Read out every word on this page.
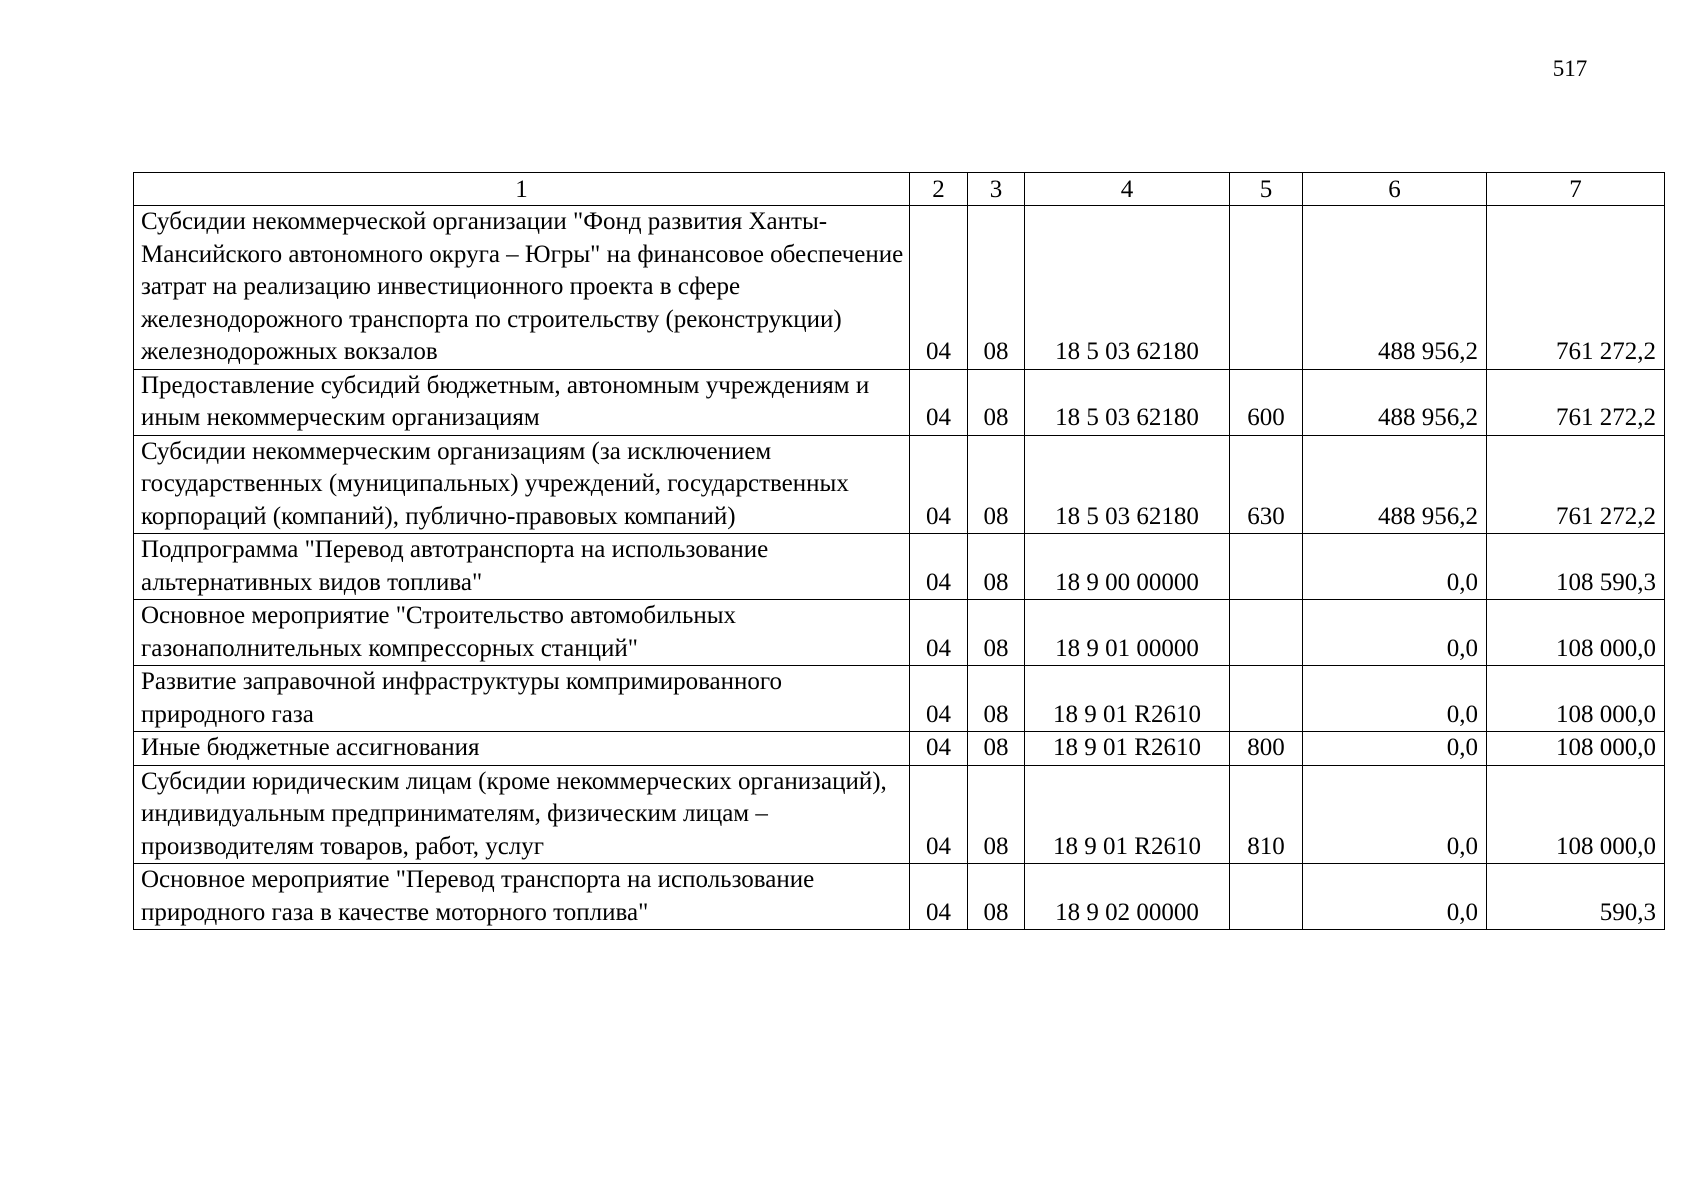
517
1	2	3	4	5	6	7
Субсидии некоммерческой организации "Фонд развития Ханты-Мансийского автономного округа – Югры" на финансовое обеспечение затрат на реализацию инвестиционного проекта в сфере железнодорожного транспорта по строительству (реконструкции) железнодорожных вокзалов	04	08	18 5 03 62180		488 956,2	761 272,2
Предоставление субсидий бюджетным, автономным учреждениям и иным некоммерческим организациям	04	08	18 5 03 62180	600	488 956,2	761 272,2
Субсидии некоммерческим организациям (за исключением государственных (муниципальных) учреждений, государственных корпораций (компаний), публично-правовых компаний)	04	08	18 5 03 62180	630	488 956,2	761 272,2
Подпрограмма "Перевод автотранспорта на использование альтернативных видов топлива"	04	08	18 9 00 00000		0,0	108 590,3
Основное мероприятие "Строительство автомобильных газонаполнительных компрессорных станций"	04	08	18 9 01 00000		0,0	108 000,0
Развитие заправочной инфраструктуры компримированного природного газа	04	08	18 9 01 R2610		0,0	108 000,0
Иные бюджетные ассигнования	04	08	18 9 01 R2610	800	0,0	108 000,0
Субсидии юридическим лицам (кроме некоммерческих организаций), индивидуальным предпринимателям, физическим лицам – производителям товаров, работ, услуг	04	08	18 9 01 R2610	810	0,0	108 000,0
Основное мероприятие "Перевод транспорта на использование природного газа в качестве моторного топлива"	04	08	18 9 02 00000		0,0	590,3
